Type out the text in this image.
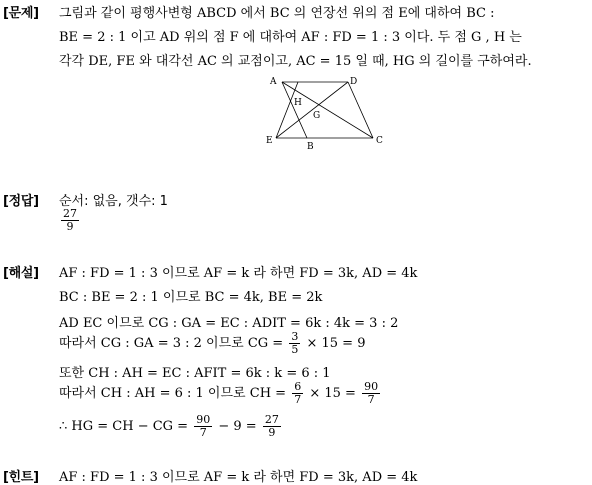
[문제] 그림과 같이 평행사변형 ABCD 에서 BC 의 연장선 위의 점 E에 대하여 BC :
BE = 2 : 1 이고 AD 위의 점 F 에 대하여 AF : FD = 1 : 3 이다. 두 점 G , H 는
각각 DE, FE 와 대각선 AC 의 교점이고, AC = 15 일 때, HG 의 길이를 구하여라.
A	D
H
G
E
B
C
[정답] 순서: 없음, 갯수: 1
$\frac{27}{9}$
[해설] AF : FD = 1 : 3 이므로 AF = k 라 하면 FD = 3k, AD = 4k
BC : BE = 2 : 1 이므로 BC = 4k, BE = 2k
AD EC 이므로 CG : GA = EC : ADIT = 6k : 4k = 3 : 2
따라서 CG : GA = 3 : 2 이므로 CG = $\frac{3}{5} \times 15 = 9$
또한 CH : AH = EC : AFIT = 6k : k = 6 : 1
따라서 CH : AH = 6 : 1 이므로 CH = $\frac{6}{7} \times 15 = \frac{90}{7}$
∴ HG = CH − CG = $\frac{90}{7} - 9 = \frac{27}{9}$
[힌트] AF : FD = 1 : 3 이므로 AF = k 라 하면 FD = 3k, AD = 4k
